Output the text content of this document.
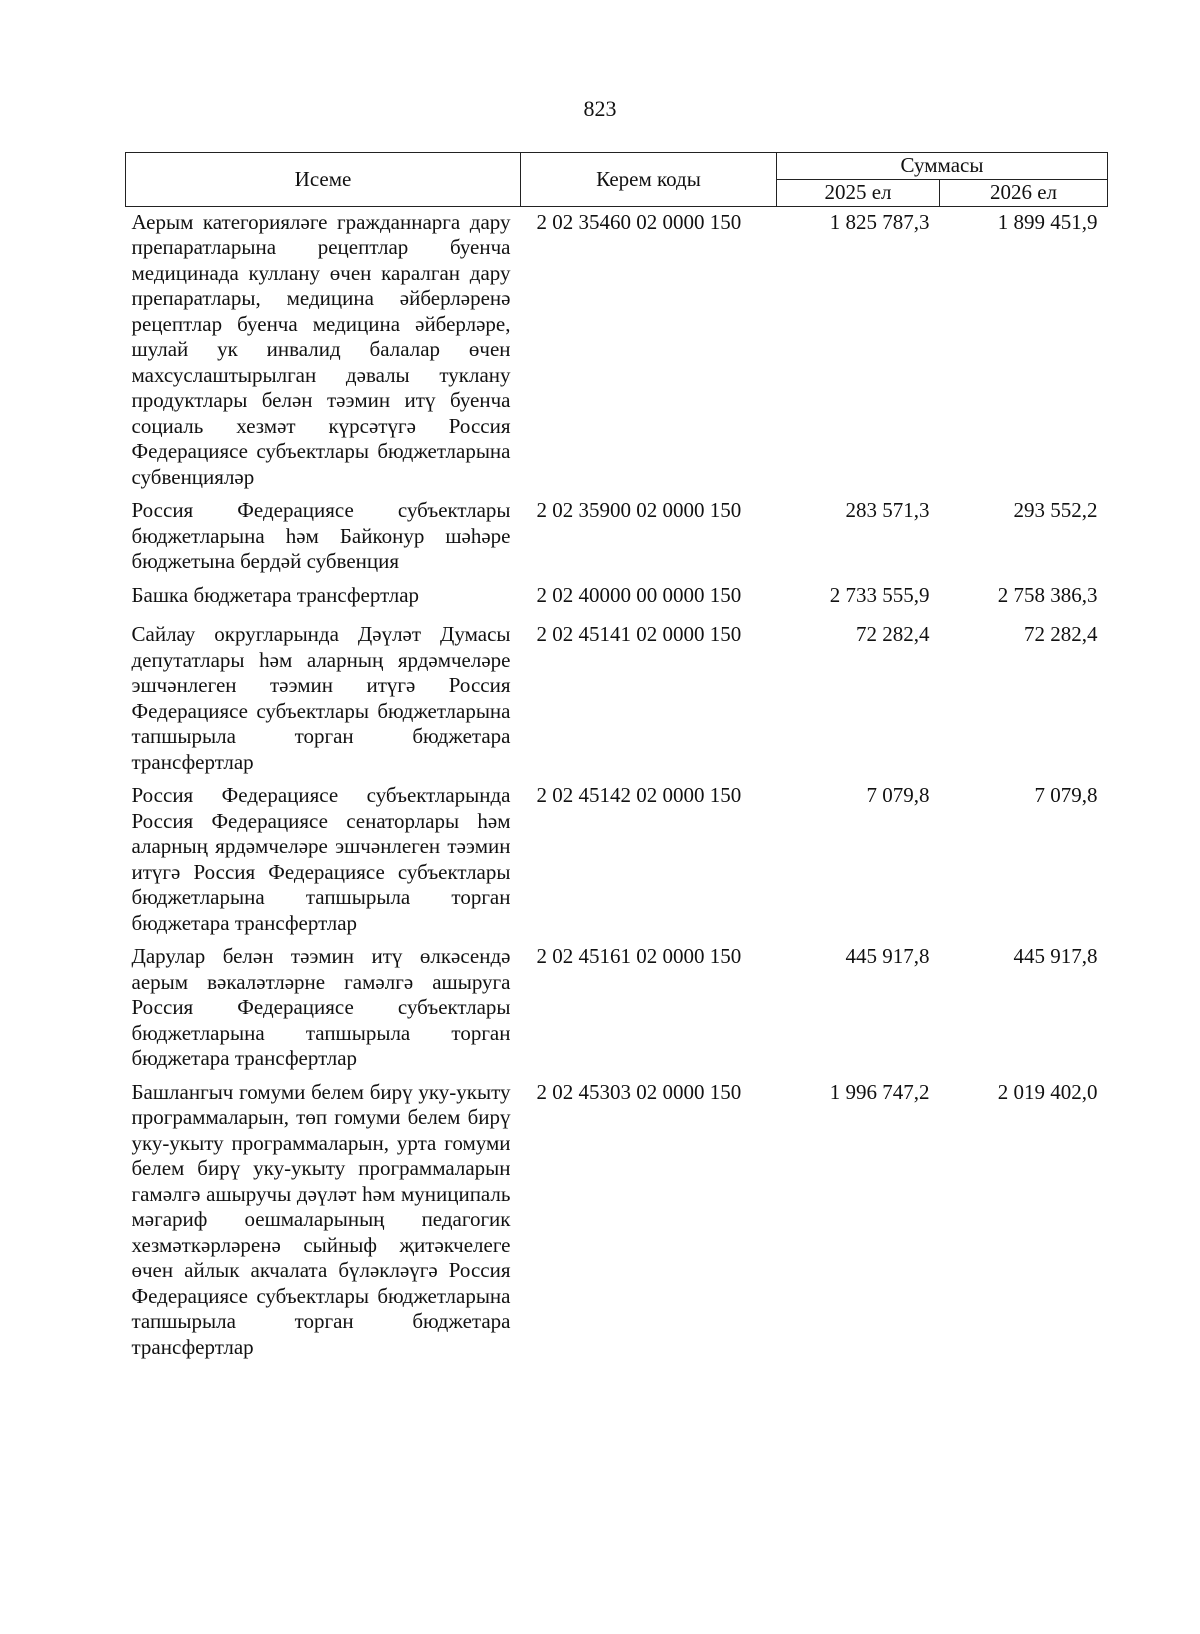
823
Исеме	Керем коды	Суммасы	
		2025 ел	2026 ел
Аерым категорияләге гражданнарга дару препаратларына рецептлар буенча медицинада куллану өчен каралган дару препаратлары, медицина әйберләренә рецептлар буенча медицина әйберләре, шулай ук инвалид балалар өчен махсуслаштырылган дәвалы туклану продуктлары белән тәэмин итү буенча социаль хезмәт күрсәтүгә Россия Федерациясе субъектлары бюджетларына субвенцияләр	2 02 35460 02 0000 150	1 825 787,3	1 899 451,9
Россия Федерациясе субъектлары бюджетларына һәм Байконур шәһәре бюджетына бердәй субвенция	2 02 35900 02 0000 150	283 571,3	293 552,2
Башка бюджетара трансфертлар	2 02 40000 00 0000 150	2 733 555,9	2 758 386,3
Сайлау округларында Дәүләт Думасы депутатлары һәм аларның ярдәмчеләре эшчәнлеген тәэмин итүгә Россия Федерациясе субъектлары бюджетларына тапшырыла торган бюджетара трансфертлар	2 02 45141 02 0000 150	72 282,4	72 282,4
Россия Федерациясе субъектларында Россия Федерациясе сенаторлары һәм аларның ярдәмчеләре эшчәнлеген тәэмин итүгә Россия Федерациясе субъектлары бюджетларына тапшырыла торган бюджетара трансфертлар	2 02 45142 02 0000 150	7 079,8	7 079,8
Дарулар белән тәэмин итү өлкәсендә аерым вәкаләтләрне гамәлгә ашыруга Россия Федерациясе субъектлары бюджетларына тапшырыла торган бюджетара трансфертлар	2 02 45161 02 0000 150	445 917,8	445 917,8
Башлангыч гомуми белем бирү уку-укыту программаларын, төп гомуми белем бирү уку-укыту программаларын, урта гомуми белем бирү уку-укыту программаларын гамәлгә ашыручы дәүләт һәм муниципаль мәгариф оешмаларының педагогик хезмәткәрләренә сыйныф җитәкчелеге өчен айлык акчалата бүләкләүгә Россия Федерациясе субъектлары бюджетларына тапшырыла торган бюджетара трансфертлар	2 02 45303 02 0000 150	1 996 747,2	2 019 402,0
